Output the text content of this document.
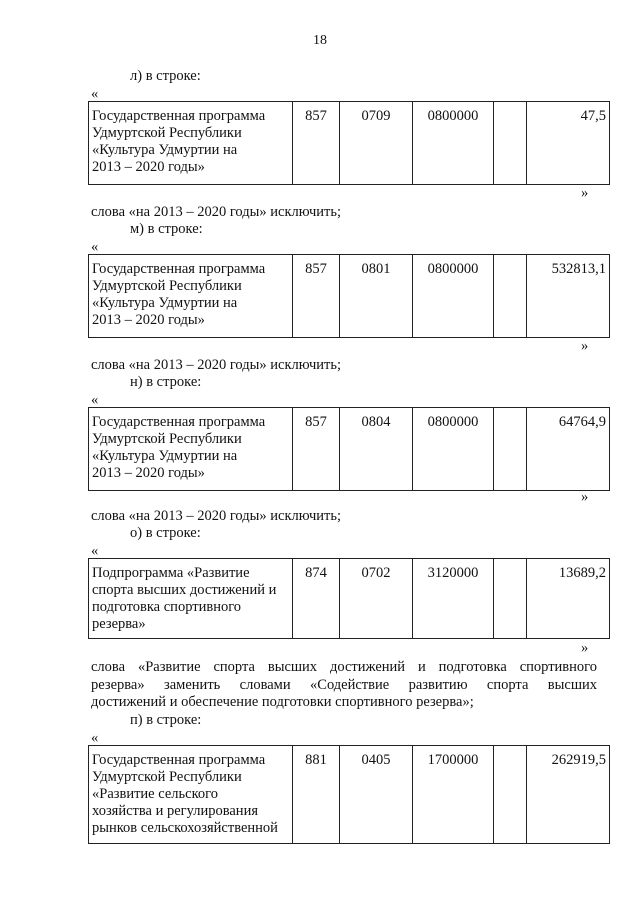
18
л) в строке:
«
Государственная программа
Удмуртской Республики
«Культура Удмуртии на
2013 – 2020 годы»
	857	0709	0800000		47,5
»
слова «на 2013 – 2020 годы» исключить;
м) в строке:
«
Государственная программа
Удмуртской Республики
«Культура Удмуртии на
2013 – 2020 годы»
	857	0801	0800000		532813,1
»
слова «на 2013 – 2020 годы» исключить;
н) в строке:
«
Государственная программа
Удмуртской Республики
«Культура Удмуртии на
2013 – 2020 годы»
	857	0804	0800000		64764,9
»
слова «на 2013 – 2020 годы» исключить;
о) в строке:
«
Подпрограмма «Развитие
спорта высших достижений и
подготовка спортивного
резерва»
	874	0702	3120000		13689,2
»
слова «Развитие спорта высших достижений и подготовка спортивного
резерва» заменить словами «Содействие развитию спорта высших
достижений и обеспечение подготовки спортивного резерва»;
п) в строке:
«
Государственная программа
Удмуртской Республики
«Развитие сельского
хозяйства и регулирования
рынков сельскохозяйственной
	881	0405	1700000		262919,5
